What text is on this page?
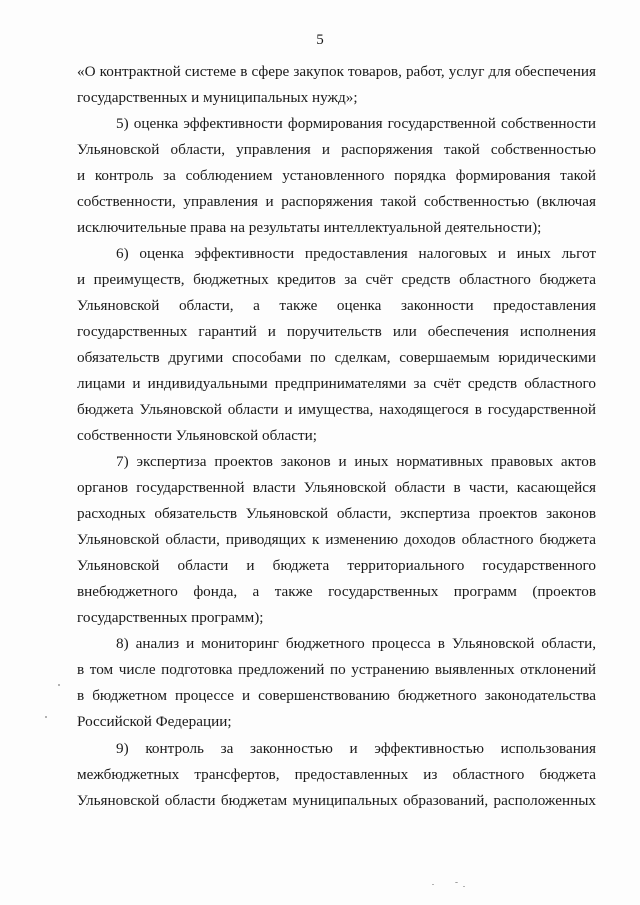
5
«О контрактной системе в сфере закупок товаров, работ, услуг для обеспечения
государственных и муниципальных нужд»;
5) оценка эффективности формирования государственной собственности
Ульяновской области, управления и распоряжения такой собственностью
и контроль за соблюдением установленного порядка формирования такой
собственности, управления и распоряжения такой собственностью (включая
исключительные права на результаты интеллектуальной деятельности);
6) оценка эффективности предоставления налоговых и иных льгот
и преимуществ, бюджетных кредитов за счёт средств областного бюджета
Ульяновской области, а также оценка законности предоставления
государственных гарантий и поручительств или обеспечения исполнения
обязательств другими способами по сделкам, совершаемым юридическими
лицами и индивидуальными предпринимателями за счёт средств областного
бюджета Ульяновской области и имущества, находящегося в государственной
собственности Ульяновской области;
7) экспертиза проектов законов и иных нормативных правовых актов
органов государственной власти Ульяновской области в части, касающейся
расходных обязательств Ульяновской области, экспертиза проектов законов
Ульяновской области, приводящих к изменению доходов областного бюджета
Ульяновской области и бюджета территориального государственного
внебюджетного фонда, а также государственных программ (проектов
государственных программ);
8) анализ и мониторинг бюджетного процесса в Ульяновской области,
в том числе подготовка предложений по устранению выявленных отклонений
в бюджетном процессе и совершенствованию бюджетного законодательства
Российской Федерации;
9) контроль за законностью и эффективностью использования
межбюджетных трансфертов, предоставленных из областного бюджета
Ульяновской области бюджетам муниципальных образований, расположенных
